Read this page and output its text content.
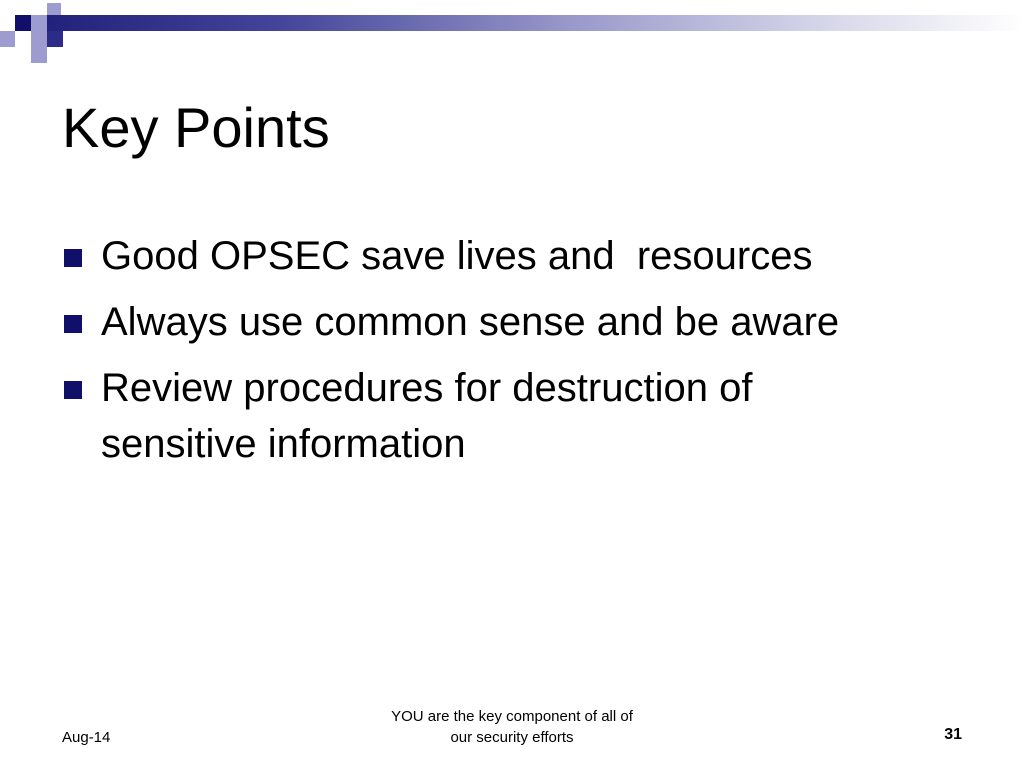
Key Points
Good OPSEC save lives and  resources
Always use common sense and be aware
Review procedures for destruction of
sensitive information
Aug-14
YOU are the key component of all of
our security efforts	31
